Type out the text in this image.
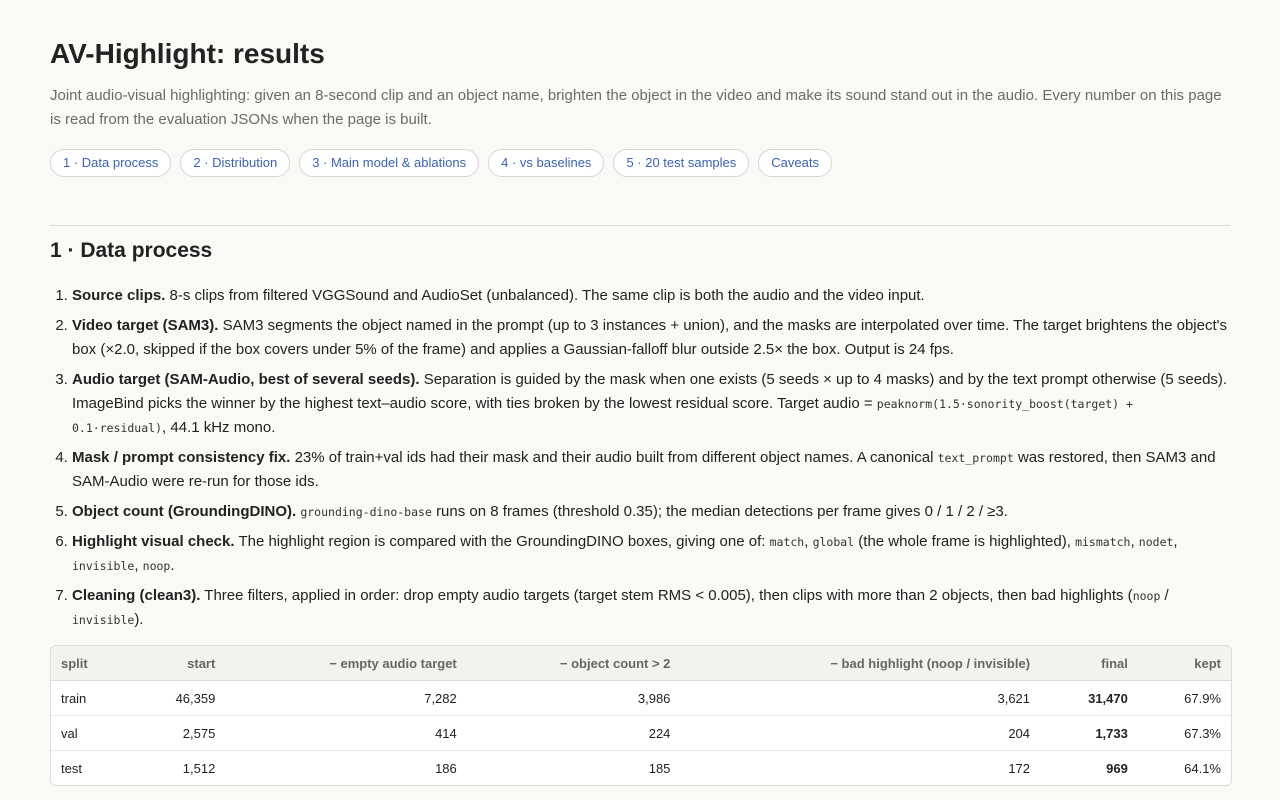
AV-Highlight: results

Joint audio-visual highlighting: given an 8-second clip and an object name, brighten the object in the video and make its sound stand out in the audio. Every number on this page is read from the evaluation JSONs when the page is built.

1 · Data process	2 · Distribution	3 · Main model & ablations	4 · vs baselines	5 · 20 test samples	Caveats
1 · Data process
1. Source clips. 8-s clips from filtered VGGSound and AudioSet (unbalanced). The same clip is both the audio and the video input.
2. Video target (SAM3). SAM3 segments the object named in the prompt (up to 3 instances + union), and the masks are interpolated over time. The target brightens the object's box (×2.0, skipped if the box covers under 5% of the frame) and applies a Gaussian-falloff blur outside 2.5× the box. Output is 24 fps.
3. Audio target (SAM-Audio, best of several seeds). Separation is guided by the mask when one exists (5 seeds × up to 4 masks) and by the text prompt otherwise (5 seeds). ImageBind picks the winner by the highest text–audio score, with ties broken by the lowest residual score. Target audio = peaknorm(1.5·sonority_boost(target) + 0.1·residual), 44.1 kHz mono.
4. Mask / prompt consistency fix. 23% of train+val ids had their mask and their audio built from different object names. A canonical text_prompt was restored, then SAM3 and SAM-Audio were re-run for those ids.
5. Object count (GroundingDINO). grounding-dino-base runs on 8 frames (threshold 0.35); the median detections per frame gives 0 / 1 / 2 / ≥3.
6. Highlight visual check. The highlight region is compared with the GroundingDINO boxes, giving one of: match, global (the whole frame is highlighted), mismatch, nodet, invisible, noop.
7. Cleaning (clean3). Three filters, applied in order: drop empty audio targets (target stem RMS < 0.005), then clips with more than 2 objects, then bad highlights (noop / invisible).
split	start	− empty audio target	− object count > 2	− bad highlight (noop / invisible)	final	kept
train	46,359	7,282	3,986	3,621	31,470	67.9%
val	2,575	414	224	204	1,733	67.3%
test	1,512	186	185	172	969	64.1%
